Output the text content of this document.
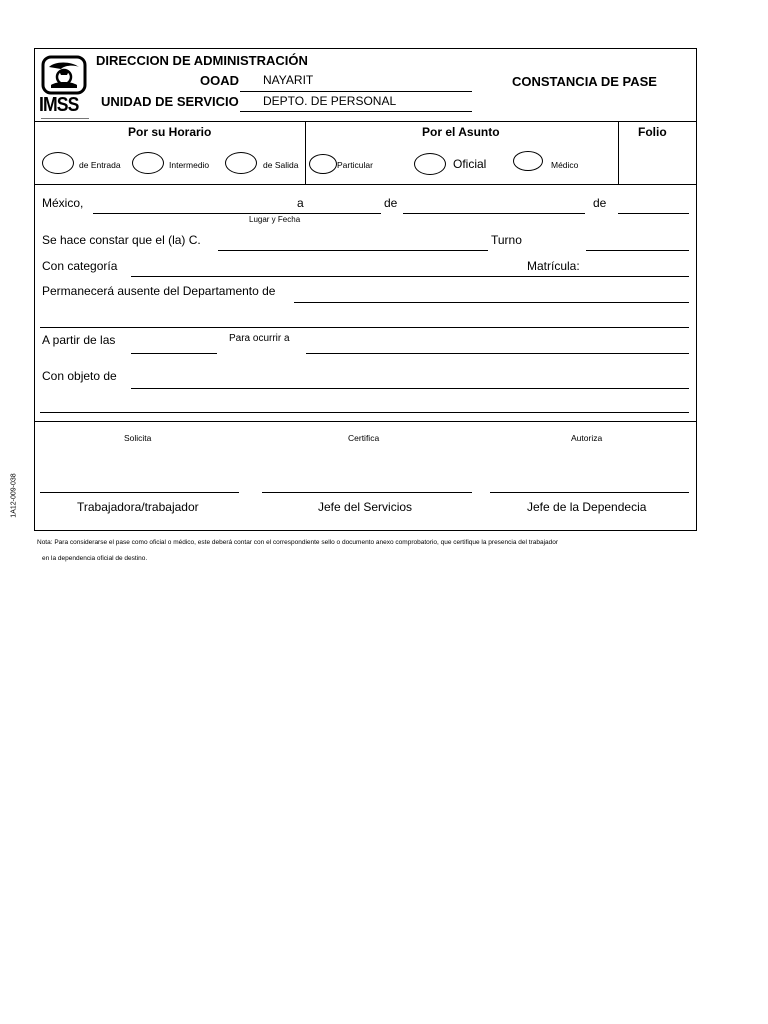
IMSS
DIRECCION DE ADMINISTRACIÓN
OOAD NAYARIT
UNIDAD DE SERVICIO DEPTO. DE PERSONAL
CONSTANCIA DE PASE
Por su Horario	Por el Asunto	Folio
de Entrada	Intermedio	de Salida	Particular	Oficial	Médico
México,	a	de	de
Lugar y Fecha
Se hace constar que el (la) C.	Turno
Con categoría	Matrícula:
Permanecerá ausente del Departamento de
A partir de las	Para ocurrir a
Con objeto de
Solicita	Certifica	Autoriza
Trabajadora/trabajador	Jefe del Servicios	Jefe de la Dependecia
1A12-009-038
Nota: Para considerarse el pase como oficial o médico, este deberá contar con el correspondiente sello o documento anexo comprobatorio, que certifique la presencia del trabajador
en la dependencia oficial de destino.
